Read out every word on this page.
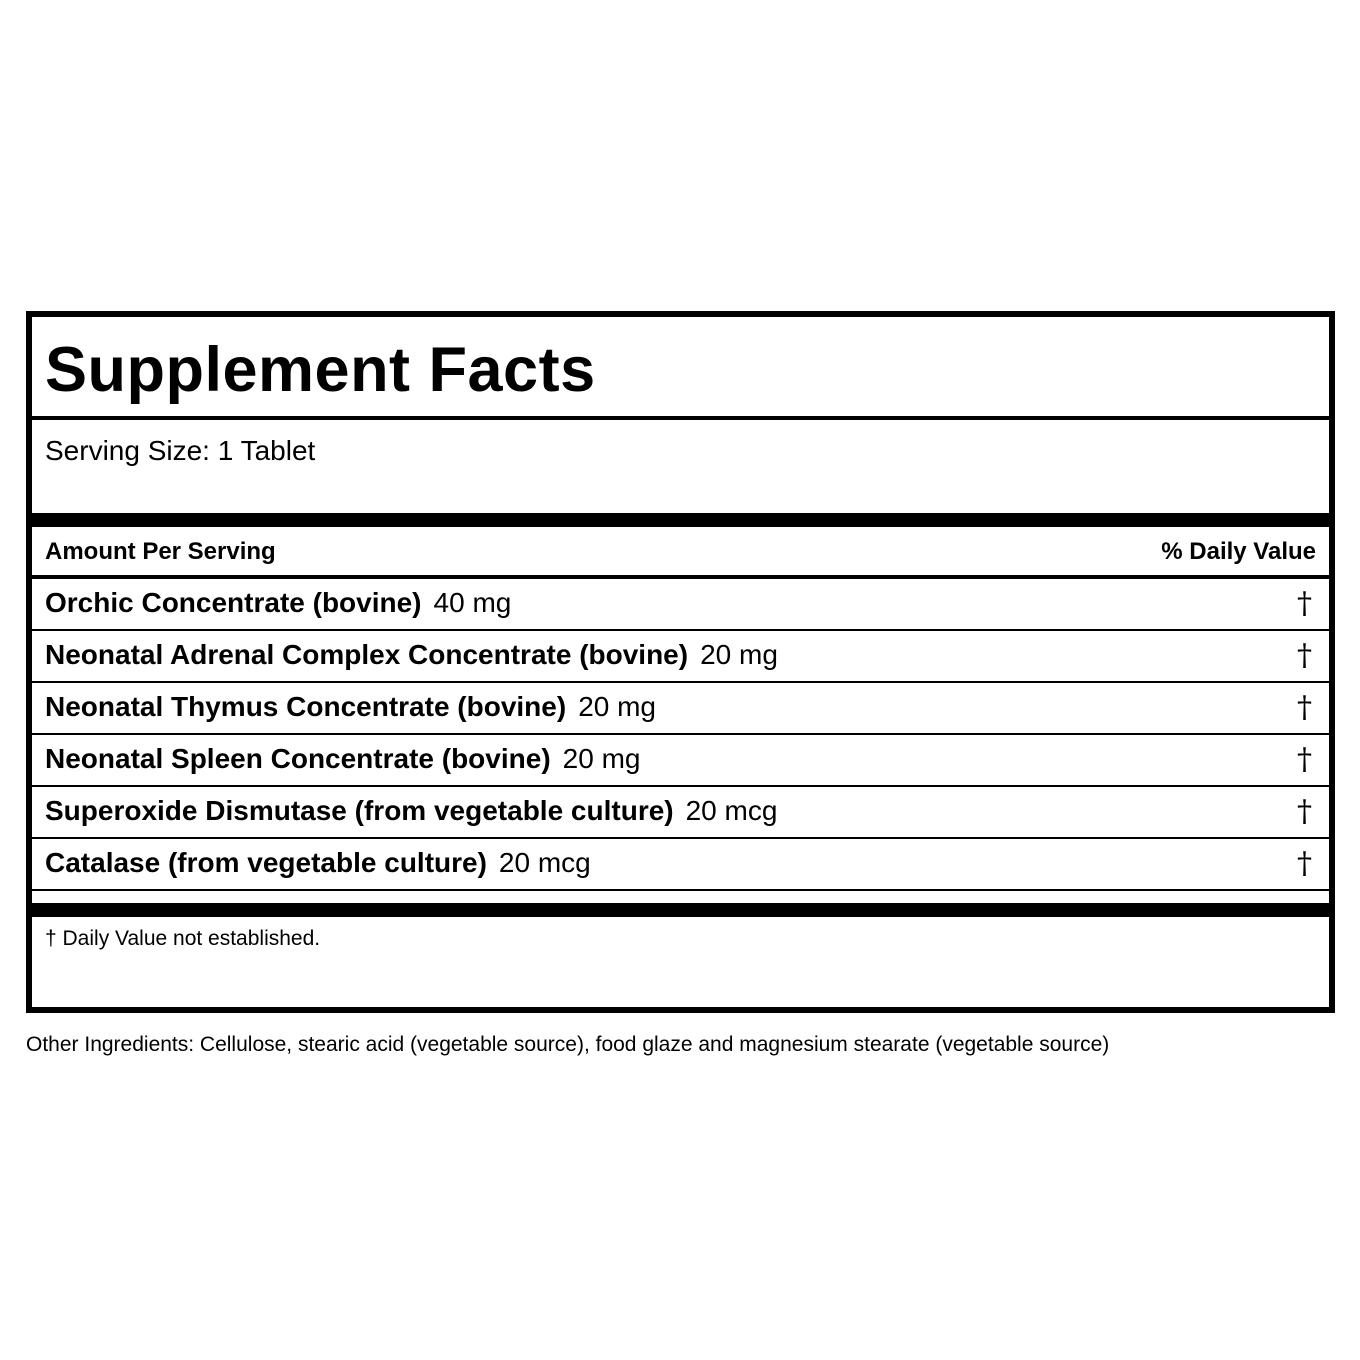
Supplement Facts
Serving Size: 1 Tablet
Amount Per Serving	% Daily Value
Orchic Concentrate (bovine) 40 mg	†
Neonatal Adrenal Complex Concentrate (bovine) 20 mg	†
Neonatal Thymus Concentrate (bovine) 20 mg	†
Neonatal Spleen Concentrate (bovine) 20 mg	†
Superoxide Dismutase (from vegetable culture) 20 mcg	†
Catalase (from vegetable culture) 20 mcg	†
† Daily Value not established.
Other Ingredients: Cellulose, stearic acid (vegetable source), food glaze and magnesium stearate (vegetable source)
